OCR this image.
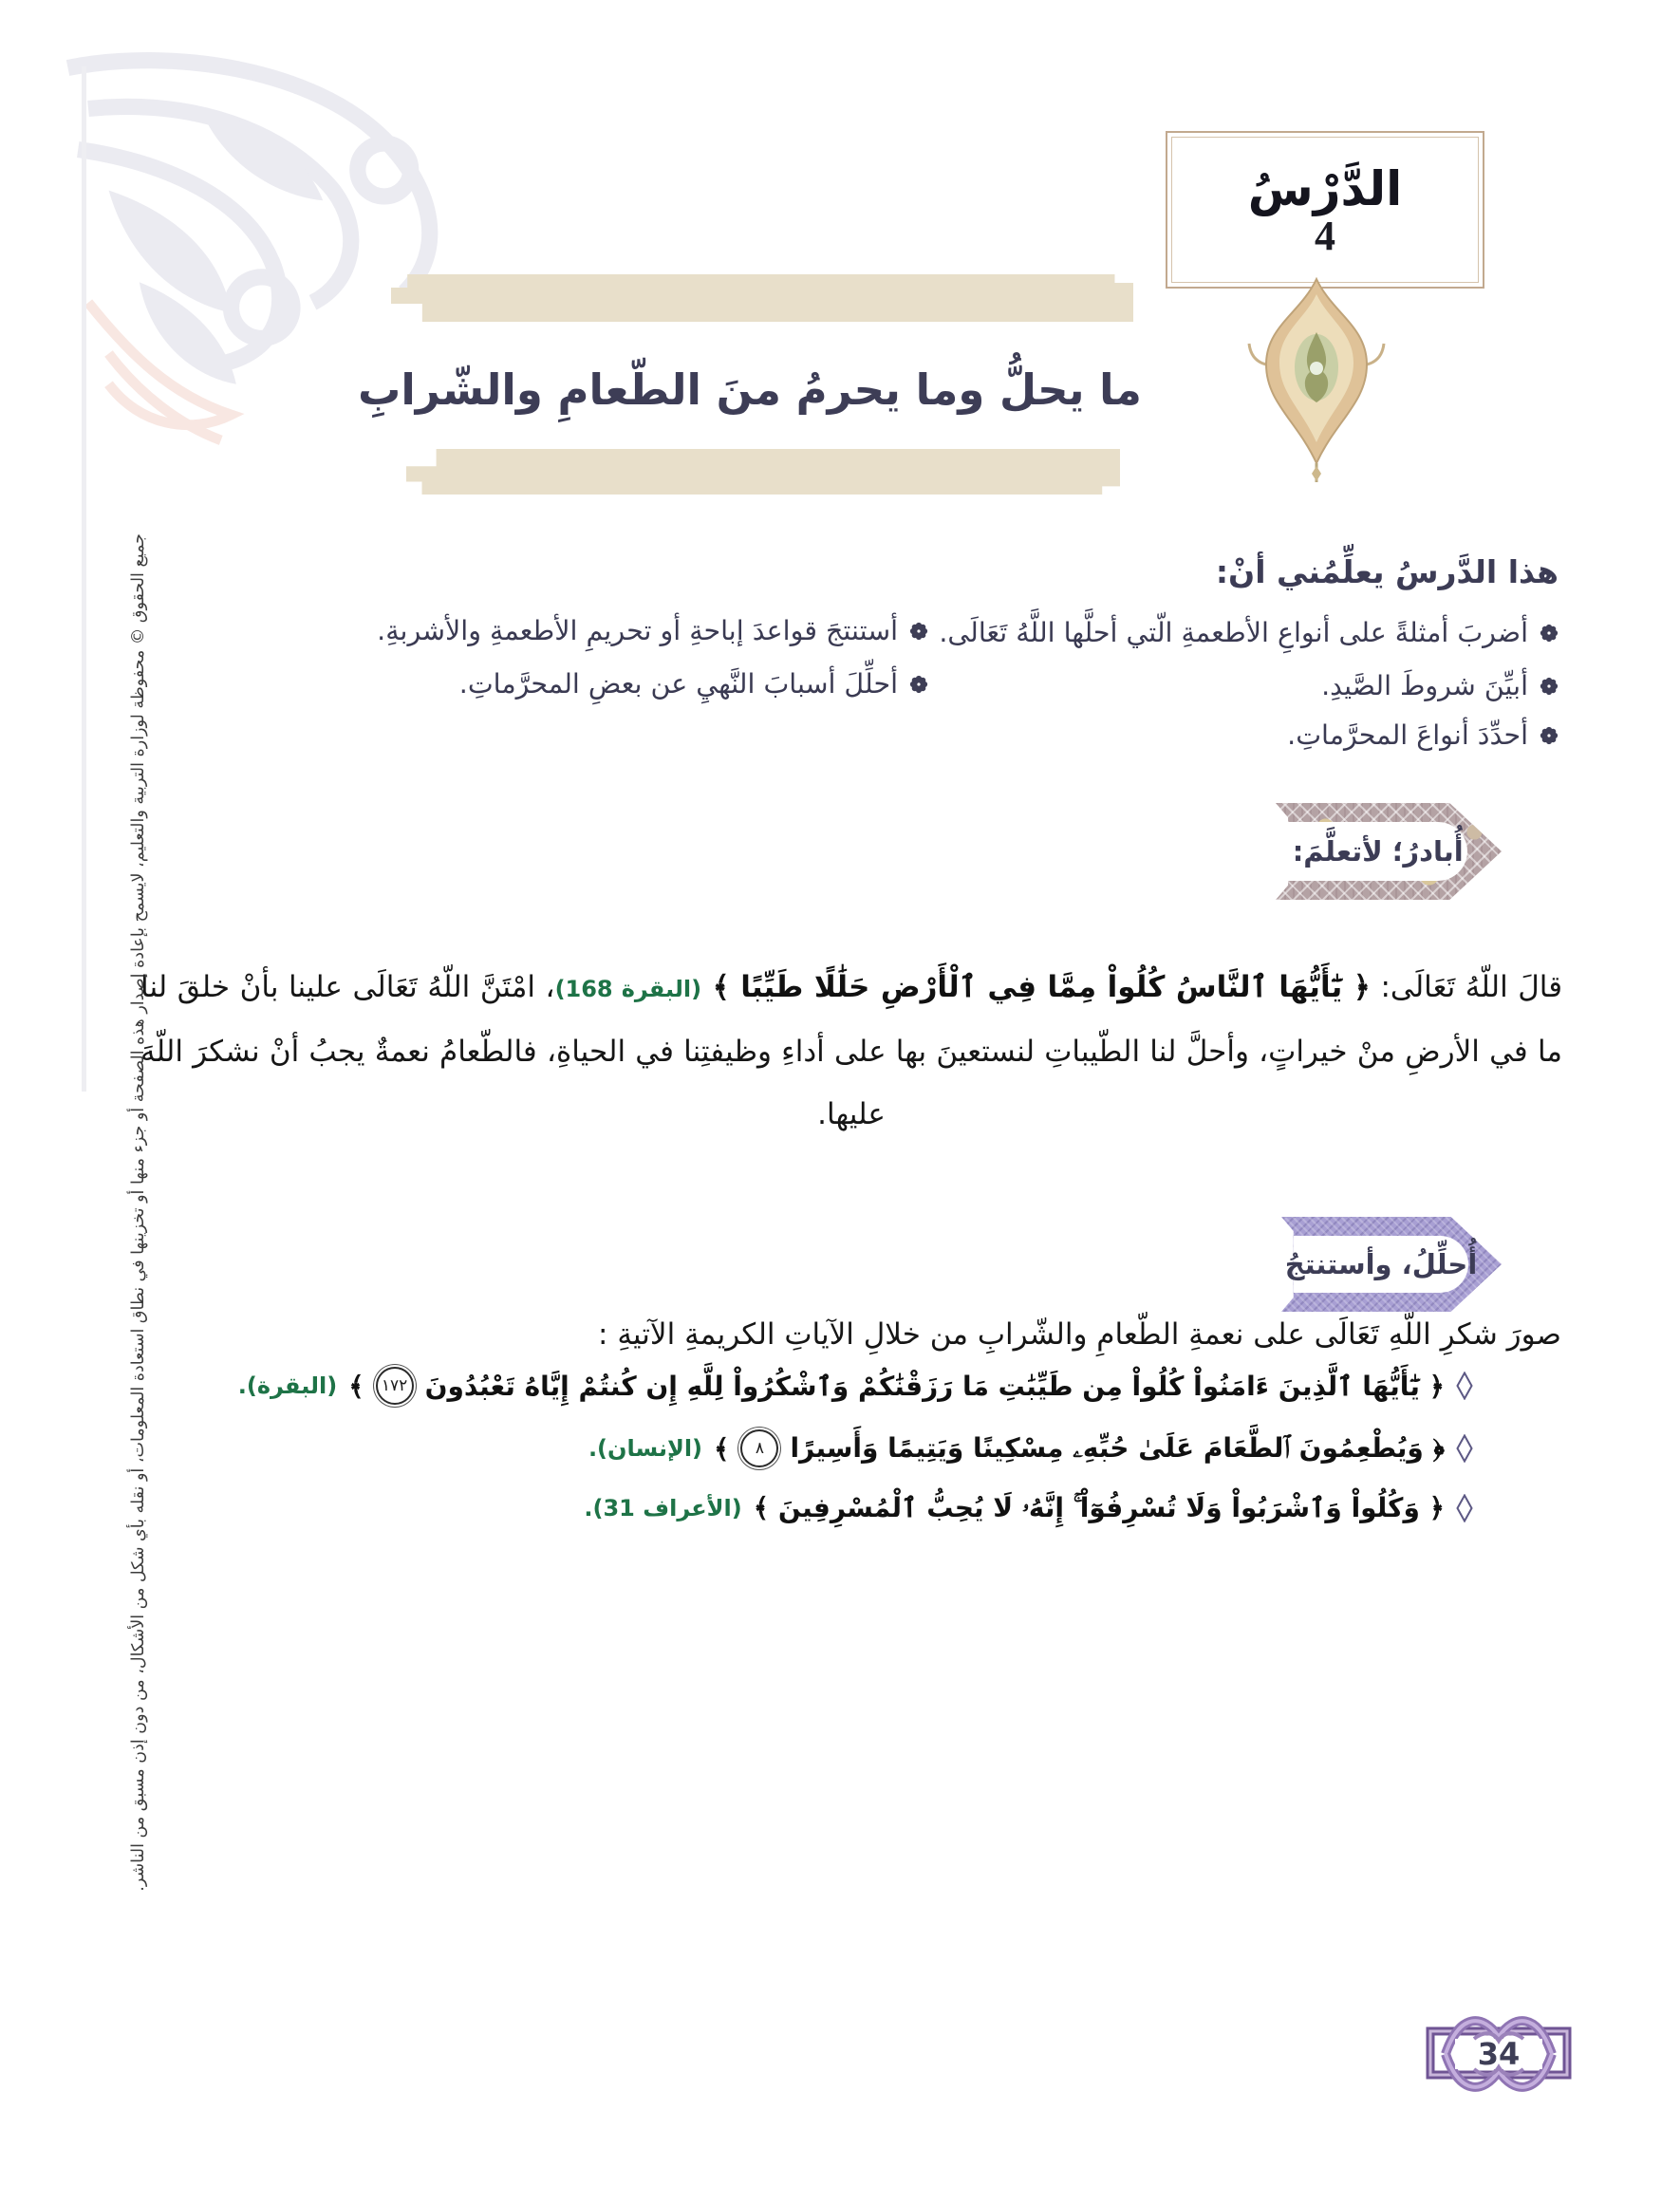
الدَّرْسُ
4
ما يحلُّ وما يحرمُ منَ الطّعامِ والشّرابِ
هذا الدَّرسُ يعلِّمُني أنْ:
أضربَ أمثلةً على أنواعِ الأطعمةِ الّتي أحلَّها اللَّهُ تَعَالَى.
أبيِّنَ شروطَ الصَّيدِ.
أحدِّدَ أنواعَ المحرَّماتِ.
أستنتجَ قواعدَ إباحةِ أو تحريمِ الأطعمةِ والأشربةِ.
أحلِّلَ أسبابَ النَّهيِ عن بعضِ المحرَّماتِ.
أُبادرُ؛ لأتعلَّمَ:

قالَ اللّهُ تَعَالَى: ﴿ يَٰٓأَيُّهَا ٱلنَّاسُ كُلُواْ مِمَّا فِي ٱلْأَرْضِ حَلَٰلًا طَيِّبًا ﴾ (البقرة 168)، امْتَنَّ اللّهُ تَعَالَى علينا بأنْ خلقَ لنا ما في الأرضِ منْ خيراتٍ، وأحلَّ لنا الطّيباتِ لنستعينَ بها على أداءِ وظيفتِنا في الحياةِ، فالطّعامُ نعمةٌ يجبُ أنْ نشكرَ اللّهَ عليها.

أُحلِّلُ، وأستنتجُ
صورَ شكرِ اللّهِ تَعَالَى على نعمةِ الطّعامِ والشّرابِ من خلالِ الآياتِ الكريمةِ الآتيةِ :
﴿ يَٰٓأَيُّهَا ٱلَّذِينَ ءَامَنُواْ كُلُواْ مِن طَيِّبَٰتِ مَا رَزَقْنَٰكُمْ وَٱشْكُرُواْ لِلَّهِ إِن كُنتُمْ إِيَّاهُ تَعْبُدُونَ
١٧٢
﴾
(البقرة).
﴿ وَيُطْعِمُونَ ٱلطَّعَامَ عَلَىٰ حُبِّهِۦ مِسْكِينًا وَيَتِيمًا وَأَسِيرًا
٨
﴾
(الإنسان).
﴿ وَكُلُواْ وَٱشْرَبُواْ وَلَا تُسْرِفُوٓاْ ۚ إِنَّهُۥ لَا يُحِبُّ ٱلْمُسْرِفِينَ ﴾
(الأعراف 31).
34
جميع الحقوق © محفوظة لوزارة التربية والتعليم، لايسمح بإعادة إصدار هذه الصفحة أو جزء منها أو تخزينها في نطاق استعادة المعلومات، أو نقله بأي شكل من الأشكال، من دون إذن مسبق من الناشر.
